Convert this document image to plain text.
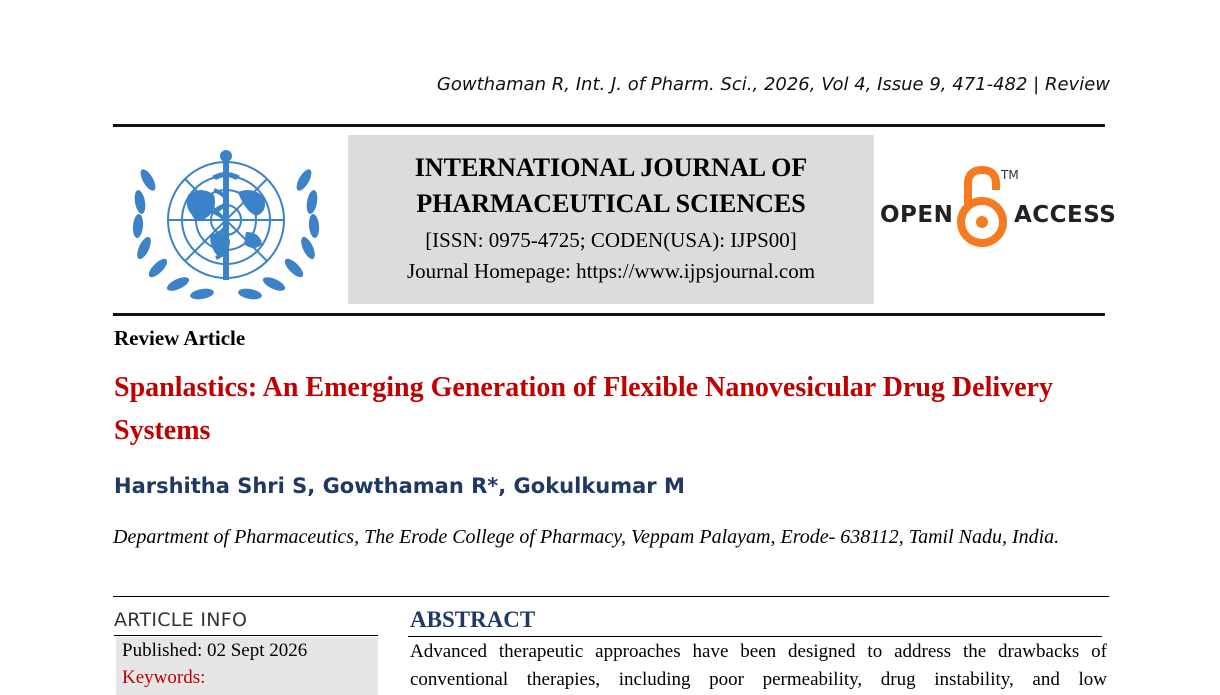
Gowthaman R, Int. J. of Pharm. Sci., 2026, Vol 4, Issue 9, 471-482 | Review
INTERNATIONAL JOURNAL OF
PHARMACEUTICAL SCIENCES
[ISSN: 0975-4725; CODEN(USA): IJPS00]
Journal Homepage: https://www.ijpsjournal.com
OPEN
TM
ACCESS
Review Article
Spanlastics: An Emerging Generation of Flexible Nanovesicular Drug Delivery Systems
Harshitha Shri S, Gowthaman R*, Gokulkumar M
Department of Pharmaceutics, The Erode College of Pharmacy, Veppam Palayam, Erode- 638112, Tamil Nadu, India.
ARTICLE INFO
Published: 02 Sept 2026
Keywords:
ABSTRACT
Advanced therapeutic approaches have been designed to address the drawbacks of conventional therapies, including poor permeability, drug instability, and low
